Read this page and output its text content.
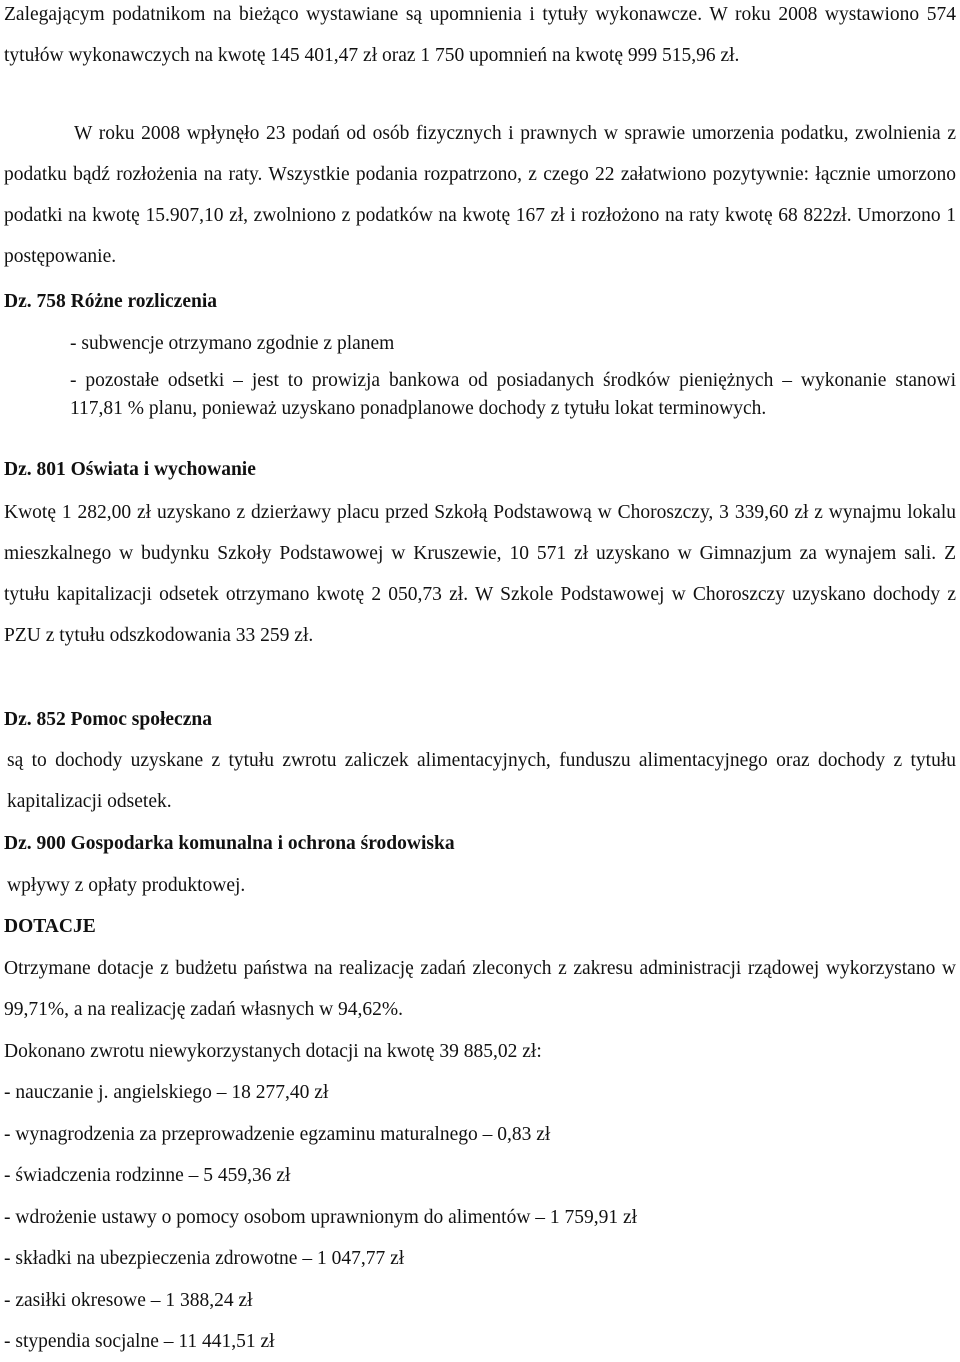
Zalegającym podatnikom na bieżąco wystawiane są upomnienia i tytuły wykonawcze. W roku 2008 wystawiono 574 tytułów wykonawczych na kwotę 145 401,47 zł oraz 1 750 upomnień na kwotę 999 515,96 zł.

W roku 2008 wpłynęło 23 podań od osób fizycznych i prawnych w sprawie umorzenia podatku, zwolnienia z podatku bądź rozłożenia na raty. Wszystkie podania rozpatrzono, z czego 22 załatwiono pozytywnie: łącznie umorzono podatki na kwotę 15.907,10 zł, zwolniono z podatków na kwotę 167 zł i rozłożono na raty kwotę 68 822zł. Umorzono 1 postępowanie.

Dz. 758 Różne rozliczenia
- subwencje otrzymano zgodnie z planem
- pozostałe odsetki – jest to prowizja bankowa od posiadanych środków pieniężnych – wykonanie stanowi 117,81 % planu, ponieważ uzyskano ponadplanowe dochody z tytułu lokat terminowych.
Dz. 801 Oświata i wychowanie

Kwotę 1 282,00 zł uzyskano z dzierżawy placu przed Szkołą Podstawową w Choroszczy, 3 339,60 zł z wynajmu lokalu mieszkalnego w budynku Szkoły Podstawowej w Kruszewie, 10 571 zł uzyskano w Gimnazjum za wynajem sali. Z tytułu kapitalizacji odsetek otrzymano kwotę 2 050,73 zł. W Szkole Podstawowej w Choroszczy uzyskano dochody z PZU z tytułu odszkodowania 33 259 zł.

Dz. 852 Pomoc społeczna

są to dochody uzyskane z tytułu zwrotu zaliczek alimentacyjnych, funduszu alimentacyjnego oraz dochody z tytułu kapitalizacji odsetek.

Dz. 900 Gospodarka komunalna i ochrona środowiska
wpływy z opłaty produktowej.
DOTACJE

Otrzymane dotacje z budżetu państwa na realizację zadań zleconych z zakresu administracji rządowej wykorzystano w 99,71%, a na realizację zadań własnych w 94,62%.

Dokonano zwrotu niewykorzystanych dotacji na kwotę 39 885,02 zł:
- nauczanie j. angielskiego – 18 277,40 zł
- wynagrodzenia za przeprowadzenie egzaminu maturalnego – 0,83 zł
- świadczenia rodzinne – 5 459,36 zł
- wdrożenie ustawy o pomocy osobom uprawnionym do alimentów – 1 759,91 zł
- składki na ubezpieczenia zdrowotne – 1 047,77 zł
- zasiłki okresowe – 1 388,24 zł
- stypendia socjalne – 11 441,51 zł
